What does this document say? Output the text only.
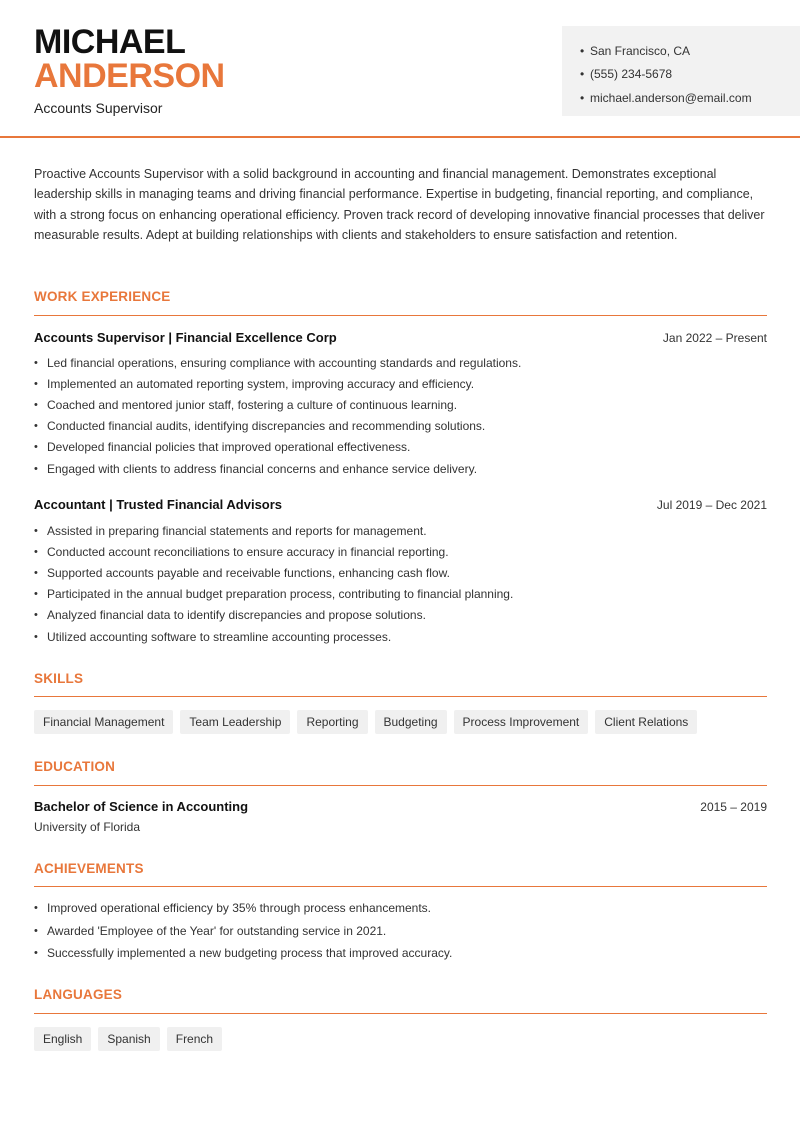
MICHAEL
ANDERSON
Accounts Supervisor
• San Francisco, CA
• (555) 234-5678
• michael.anderson@email.com

Proactive Accounts Supervisor with a solid background in accounting and financial management. Demonstrates exceptional leadership skills in managing teams and driving financial performance. Expertise in budgeting, financial reporting, and compliance, with a strong focus on enhancing operational efficiency. Proven track record of developing innovative financial processes that deliver measurable results. Adept at building relationships with clients and stakeholders to ensure satisfaction and retention.

WORK EXPERIENCE
Accounts Supervisor | Financial Excellence Corp	Jan 2022 – Present
• Led financial operations, ensuring compliance with accounting standards and regulations.
• Implemented an automated reporting system, improving accuracy and efficiency.
• Coached and mentored junior staff, fostering a culture of continuous learning.
• Conducted financial audits, identifying discrepancies and recommending solutions.
• Developed financial policies that improved operational effectiveness.
• Engaged with clients to address financial concerns and enhance service delivery.
Accountant | Trusted Financial Advisors	Jul 2019 – Dec 2021
• Assisted in preparing financial statements and reports for management.
• Conducted account reconciliations to ensure accuracy in financial reporting.
• Supported accounts payable and receivable functions, enhancing cash flow.
• Participated in the annual budget preparation process, contributing to financial planning.
• Analyzed financial data to identify discrepancies and propose solutions.
• Utilized accounting software to streamline accounting processes.
SKILLS
Financial Management	Team Leadership	Reporting	Budgeting	Process Improvement	Client Relations
EDUCATION
Bachelor of Science in Accounting	2015 – 2019
University of Florida
ACHIEVEMENTS
• Improved operational efficiency by 35% through process enhancements.
• Awarded 'Employee of the Year' for outstanding service in 2021.
• Successfully implemented a new budgeting process that improved accuracy.
LANGUAGES
English	Spanish	French
